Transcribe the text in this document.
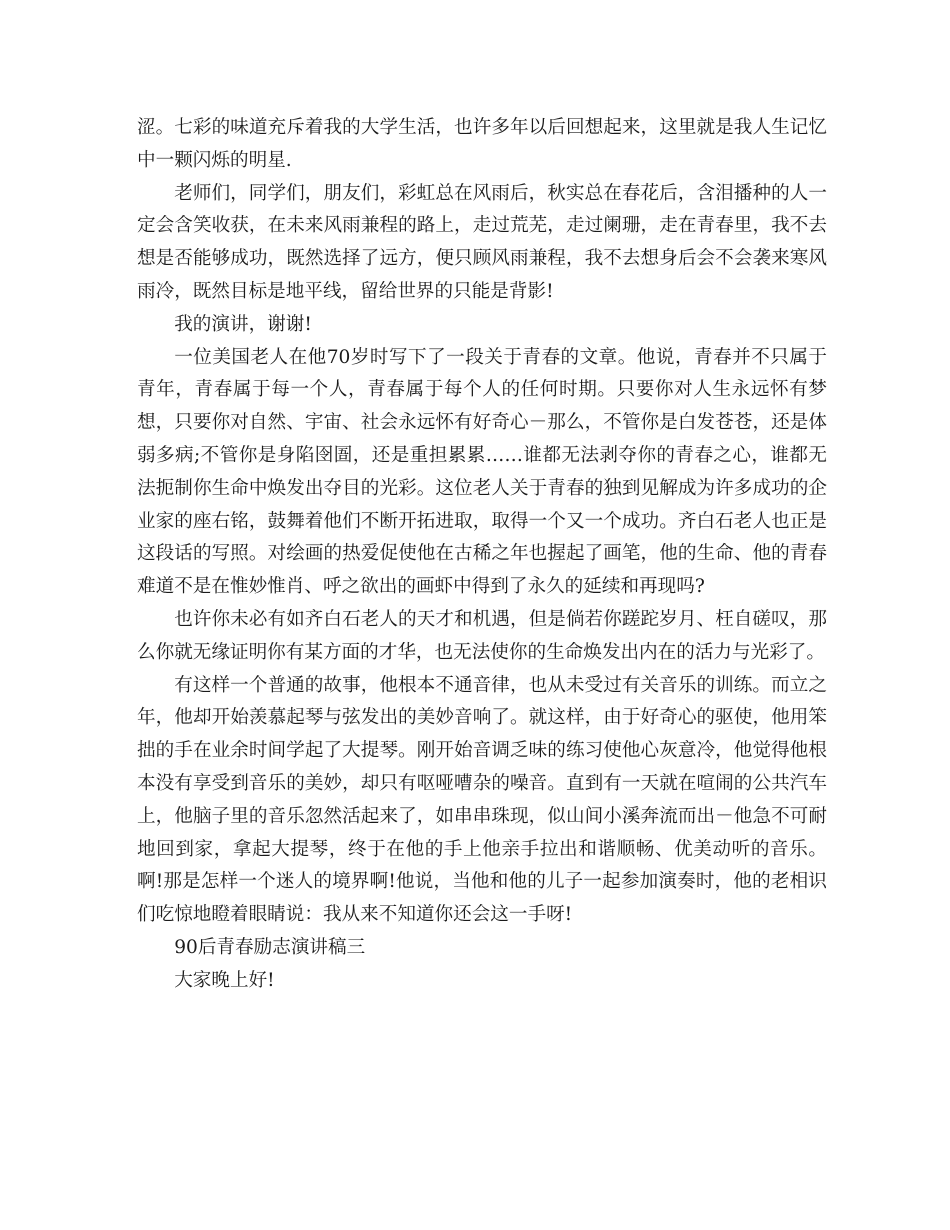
涩。七彩的味道充斥着我的大学生活，也许多年以后回想起来，这里就是我人生记忆中一颗闪烁的明星.

老师们，同学们，朋友们，彩虹总在风雨后，秋实总在春花后，含泪播种的人一定会含笑收获，在未来风雨兼程的路上，走过荒芜，走过阑珊，走在青春里，我不去想是否能够成功，既然选择了远方，便只顾风雨兼程，我不去想身后会不会袭来寒风雨冷，既然目标是地平线，留给世界的只能是背影!

我的演讲，谢谢!

一位美国老人在他70岁时写下了一段关于青春的文章。他说，青春并不只属于青年，青春属于每一个人，青春属于每个人的任何时期。只要你对人生永远怀有梦想，只要你对自然、宇宙、社会永远怀有好奇心－那么，不管你是白发苍苍，还是体弱多病;不管你是身陷囹圄，还是重担累累……谁都无法剥夺你的青春之心，谁都无法扼制你生命中焕发出夺目的光彩。这位老人关于青春的独到见解成为许多成功的企业家的座右铭，鼓舞着他们不断开拓进取，取得一个又一个成功。齐白石老人也正是这段话的写照。对绘画的热爱促使他在古稀之年也握起了画笔，他的生命、他的青春难道不是在惟妙惟肖、呼之欲出的画虾中得到了永久的延续和再现吗?

也许你未必有如齐白石老人的天才和机遇，但是倘若你蹉跎岁月、枉自磋叹，那么你就无缘证明你有某方面的才华，也无法使你的生命焕发出内在的活力与光彩了。

有这样一个普通的故事，他根本不通音律，也从未受过有关音乐的训练。而立之年，他却开始羡慕起琴与弦发出的美妙音响了。就这样，由于好奇心的驱使，他用笨拙的手在业余时间学起了大提琴。刚开始音调乏味的练习使他心灰意冷，他觉得他根本没有享受到音乐的美妙，却只有呕哑嘈杂的噪音。直到有一天就在喧闹的公共汽车上，他脑子里的音乐忽然活起来了，如串串珠现，似山间小溪奔流而出－他急不可耐地回到家，拿起大提琴，终于在他的手上他亲手拉出和谐顺畅、优美动听的音乐。啊!那是怎样一个迷人的境界啊!他说，当他和他的儿子一起参加演奏时，他的老相识们吃惊地瞪着眼睛说：我从来不知道你还会这一手呀!

90后青春励志演讲稿三

大家晚上好!
